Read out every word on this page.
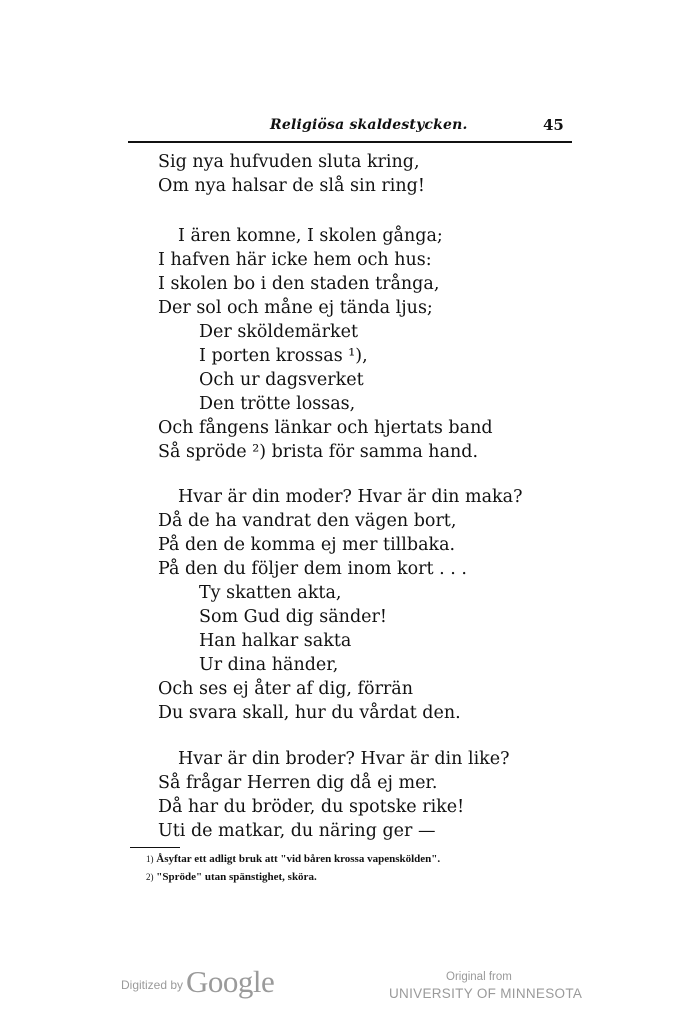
Religiösa skaldestycken.	45
Sig nya hufvuden sluta kring,
Om nya halsar de slå sin ring!
I ären komne, I skolen gånga;
I hafven här icke hem och hus:
I skolen bo i den staden trånga,
Der sol och måne ej tända ljus;
Der sköldemärket
I porten krossas ¹),
Och ur dagsverket
Den trötte lossas,
Och fångens länkar och hjertats band
Så spröde ²) brista för samma hand.
Hvar är din moder? Hvar är din maka?
Då de ha vandrat den vägen bort,
På den de komma ej mer tillbaka.
På den du följer dem inom kort . . .
Ty skatten akta,
Som Gud dig sänder!
Han halkar sakta
Ur dina händer,
Och ses ej åter af dig, förrän
Du svara skall, hur du vårdat den.
Hvar är din broder? Hvar är din like?
Så frågar Herren dig då ej mer.
Då har du bröder, du spotske rike!
Uti de matkar, du näring ger —
1) Åsyftar ett adligt bruk att "vid båren krossa vapenskölden".
2) "Spröde" utan spänstighet, sköra.
Digitized by Google	Original from
UNIVERSITY OF MINNESOTA
